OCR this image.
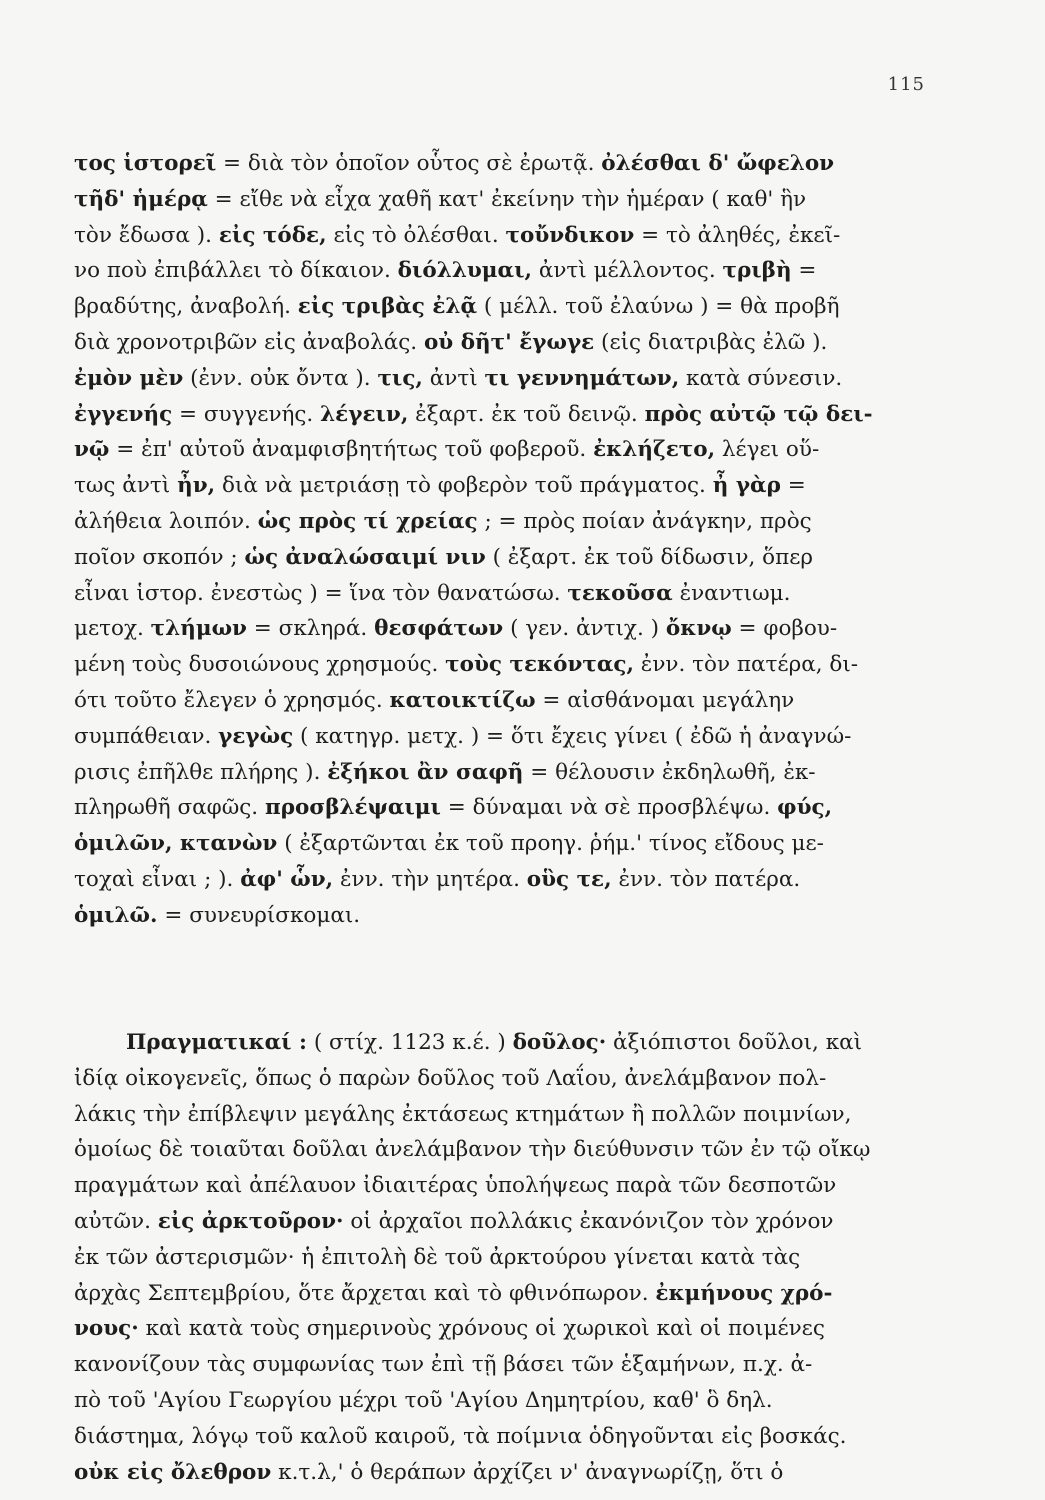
115
τος ἱστορεῖ = διὰ τὸν ὁποῖον οὗτος σὲ ἐρωτᾷ. ὀλέσθαι δ' ὤφελον
τῆδ' ἡμέρᾳ = εἴθε νὰ εἶχα χαθῆ κατ' ἐκείνην τὴν ἡμέραν ( καθ' ἣν
τὸν ἔδωσα ). εἰς τόδε, εἰς τὸ ὀλέσθαι. τοὔνδικον = τὸ ἀληθές, ἐκεῖ-
νο ποὺ ἐπιβάλλει τὸ δίκαιον. διόλλυμαι, ἀντὶ μέλλοντος. τριβὴ =
βραδύτης, ἀναβολή. εἰς τριβὰς ἐλᾷ ( μέλλ. τοῦ ἐλαύνω ) = θὰ προβῆ
διὰ χρονοτριβῶν εἰς ἀναβολάς. οὐ δῆτ' ἔγωγε (εἰς διατριβὰς ἐλῶ ).
ἐμὸν μὲν (ἐνν. οὐκ ὄντα ). τις, ἀντὶ τι γεννημάτων, κατὰ σύνεσιν.
ἐγγενής = συγγενής. λέγειν, ἐξαρτ. ἐκ τοῦ δεινῷ. πρὸς αὐτῷ τῷ δει-
νῷ = ἐπ' αὐτοῦ ἀναμφισβητήτως τοῦ φοβεροῦ. ἐκλήζετο, λέγει οὕ-
τως ἀντὶ ἦν, διὰ νὰ μετριάσῃ τὸ φοβερὸν τοῦ πράγματος. ἦ γὰρ =
ἀλήθεια λοιπόν. ὡς πρὸς τί χρείας ; = πρὸς ποίαν ἀνάγκην, πρὸς
ποῖον σκοπόν ; ὡς ἀναλώσαιμί νιν ( ἐξαρτ. ἐκ τοῦ δίδωσιν, ὅπερ
εἶναι ἱστορ. ἐνεστὼς ) = ἵνα τὸν θανατώσω. τεκοῦσα ἐναντιωμ.
μετοχ. τλήμων = σκληρά. θεσφάτων ( γεν. ἀντιχ. ) ὄκνῳ = φοβου-
μένη τοὺς δυσοιώνους χρησμούς. τοὺς τεκόντας, ἐνν. τὸν πατέρα, δι-
ότι τοῦτο ἔλεγεν ὁ χρησμός. κατοικτίζω = αἰσθάνομαι μεγάλην
συμπάθειαν. γεγὼς ( κατηγρ. μετχ. ) = ὅτι ἔχεις γίνει ( ἐδῶ ἡ ἀναγνώ-
ρισις ἐπῆλθε πλήρης ). ἐξήκοι ἂν σαφῆ = θέλουσιν ἐκδηλωθῆ, ἐκ-
πληρωθῆ σαφῶς. προσβλέψαιμι = δύναμαι νὰ σὲ προσβλέψω. φύς,
ὁμιλῶν, κτανὼν ( ἐξαρτῶνται ἐκ τοῦ προηγ. ῥήμ.' τίνος εἴδους με-
τοχαὶ εἶναι ; ). ἀφ' ὧν, ἐνν. τὴν μητέρα. οὓς τε, ἐνν. τὸν πατέρα.
ὁμιλῶ. = συνευρίσκομαι.
Πραγματικαί : ( στίχ. 1123 κ.έ. ) δοῦλος· ἀξιόπιστοι δοῦλοι, καὶ
ἰδίᾳ οἰκογενεῖς, ὅπως ὁ παρὼν δοῦλος τοῦ Λαΐου, ἀνελάμβανον πολ-
λάκις τὴν ἐπίβλεψιν μεγάλης ἐκτάσεως κτημάτων ἢ πολλῶν ποιμνίων,
ὁμοίως δὲ τοιαῦται δοῦλαι ἀνελάμβανον τὴν διεύθυνσιν τῶν ἐν τῷ οἴκῳ
πραγμάτων καὶ ἀπέλαυον ἰδιαιτέρας ὑπολήψεως παρὰ τῶν δεσποτῶν
αὐτῶν. εἰς ἀρκτοῦρον· οἱ ἀρχαῖοι πολλάκις ἐκανόνιζον τὸν χρόνον
ἐκ τῶν ἀστερισμῶν· ἡ ἐπιτολὴ δὲ τοῦ ἀρκτούρου γίνεται κατὰ τὰς
ἀρχὰς Σεπτεμβρίου, ὅτε ἄρχεται καὶ τὸ φθινόπωρον. ἐκμήνους χρό-
νους· καὶ κατὰ τοὺς σημερινοὺς χρόνους οἱ χωρικοὶ καὶ οἱ ποιμένες
κανονίζουν τὰς συμφωνίας των ἐπὶ τῇ βάσει τῶν ἑξαμήνων, π.χ. ἀ-
πὸ τοῦ 'Αγίου Γεωργίου μέχρι τοῦ 'Αγίου Δημητρίου, καθ' ὃ δηλ.
διάστημα, λόγῳ τοῦ καλοῦ καιροῦ, τὰ ποίμνια ὁδηγοῦνται εἰς βοσκάς.
οὐκ εἰς ὄλεθρον κ.τ.λ,' ὁ θεράπων ἀρχίζει ν' ἀναγνωρίζῃ, ὅτι ὁ
